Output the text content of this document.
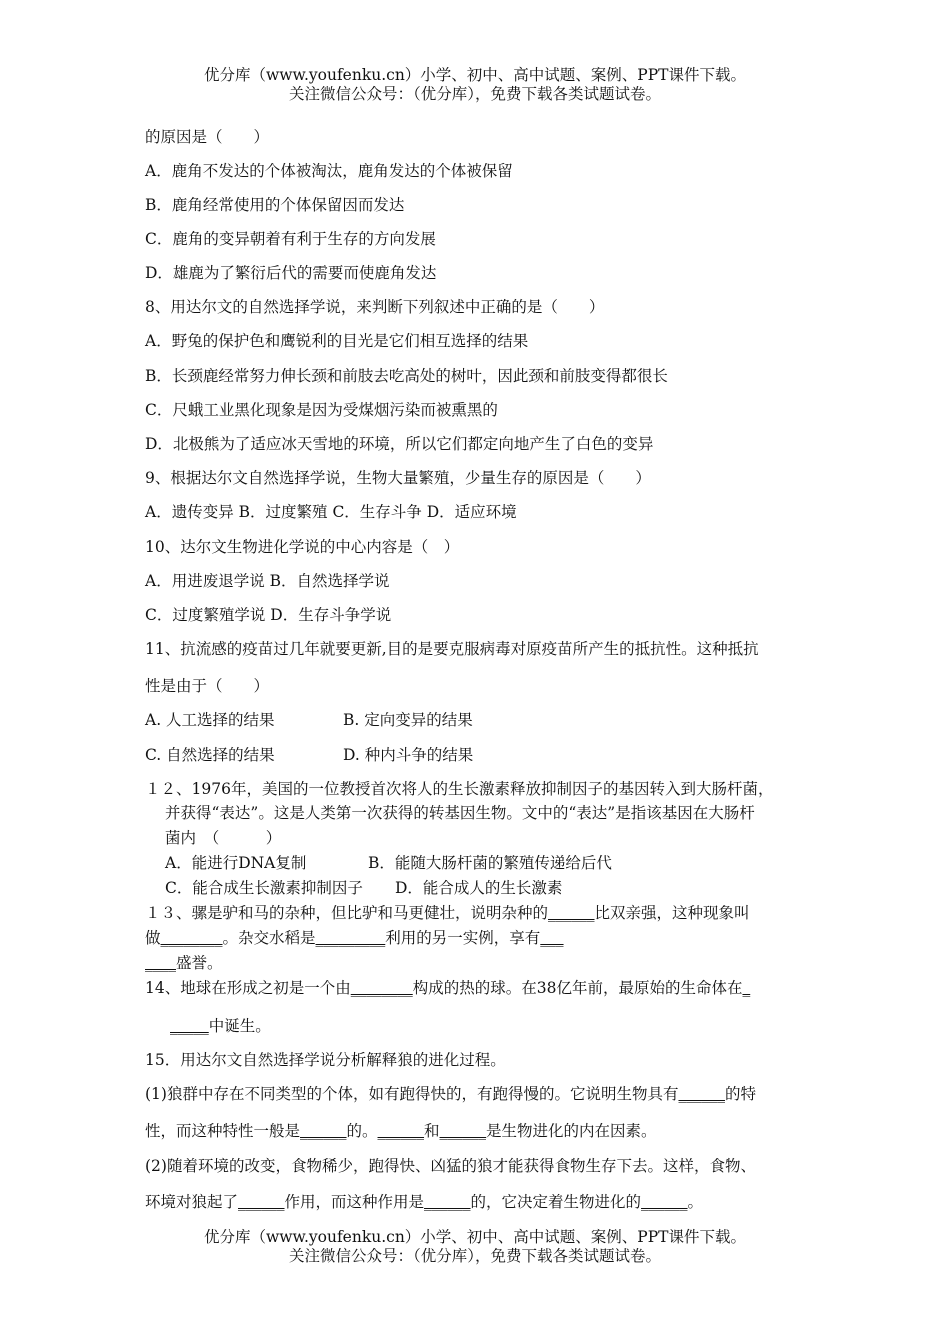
优分库（www.youfenku.cn）小学、初中、高中试题、案例、PPT课件下载。
关注微信公众号：（优分库），免费下载各类试题试卷。
的原因是（　　）
A．鹿角不发达的个体被淘汰，鹿角发达的个体被保留
B．鹿角经常使用的个体保留因而发达
C．鹿角的变异朝着有利于生存的方向发展
D．雄鹿为了繁衍后代的需要而使鹿角发达
8、用达尔文的自然选择学说，来判断下列叙述中正确的是（　　）
A．野兔的保护色和鹰锐利的目光是它们相互选择的结果
B．长颈鹿经常努力伸长颈和前肢去吃高处的树叶，因此颈和前肢变得都很长
C．尺蛾工业黑化现象是因为受煤烟污染而被熏黑的
D．北极熊为了适应冰天雪地的环境，所以它们都定向地产生了白色的变异
9、根据达尔文自然选择学说，生物大量繁殖，少量生存的原因是（　　）
A．遗传变异 B．过度繁殖 C．生存斗争 D．适应环境
10、达尔文生物进化学说的中心内容是（　）
A．用进废退学说 B．自然选择学说
C．过度繁殖学说 D．生存斗争学说
11、抗流感的疫苗过几年就要更新,目的是要克服病毒对原疫苗所产生的抵抗性。这种抵抗
性是由于（　　）
A. 人工选择的结果	B. 定向变异的结果
C. 自然选择的结果	D. 种内斗争的结果
１２、1976年，美国的一位教授首次将人的生长激素释放抑制因子的基因转入到大肠杆菌，
并获得“表达”。这是人类第一次获得的转基因生物。文中的“表达”是指该基因在大肠杆
菌内　（　　　）
A．能进行DNA复制	B．能随大肠杆菌的繁殖传递给后代
C．能合成生长激素抑制因子 D．能合成人的生长激素
１３、骡是驴和马的杂种，但比驴和马更健壮，说明杂种的______比双亲强，这种现象叫
做________。杂交水稻是_________利用的另一实例，享有___
____盛誉。
14、地球在形成之初是一个由________构成的热的球。在38亿年前，最原始的生命体在_
_____中诞生。
15．用达尔文自然选择学说分析解释狼的进化过程。
(1)狼群中存在不同类型的个体，如有跑得快的，有跑得慢的。它说明生物具有______的特
性，而这种特性一般是______的。______和______是生物进化的内在因素。
(2)随着环境的改变，食物稀少，跑得快、凶猛的狼才能获得食物生存下去。这样，食物、
环境对狼起了______作用，而这种作用是______的，它决定着生物进化的______。
优分库（www.youfenku.cn）小学、初中、高中试题、案例、PPT课件下载。
关注微信公众号：（优分库），免费下载各类试题试卷。
